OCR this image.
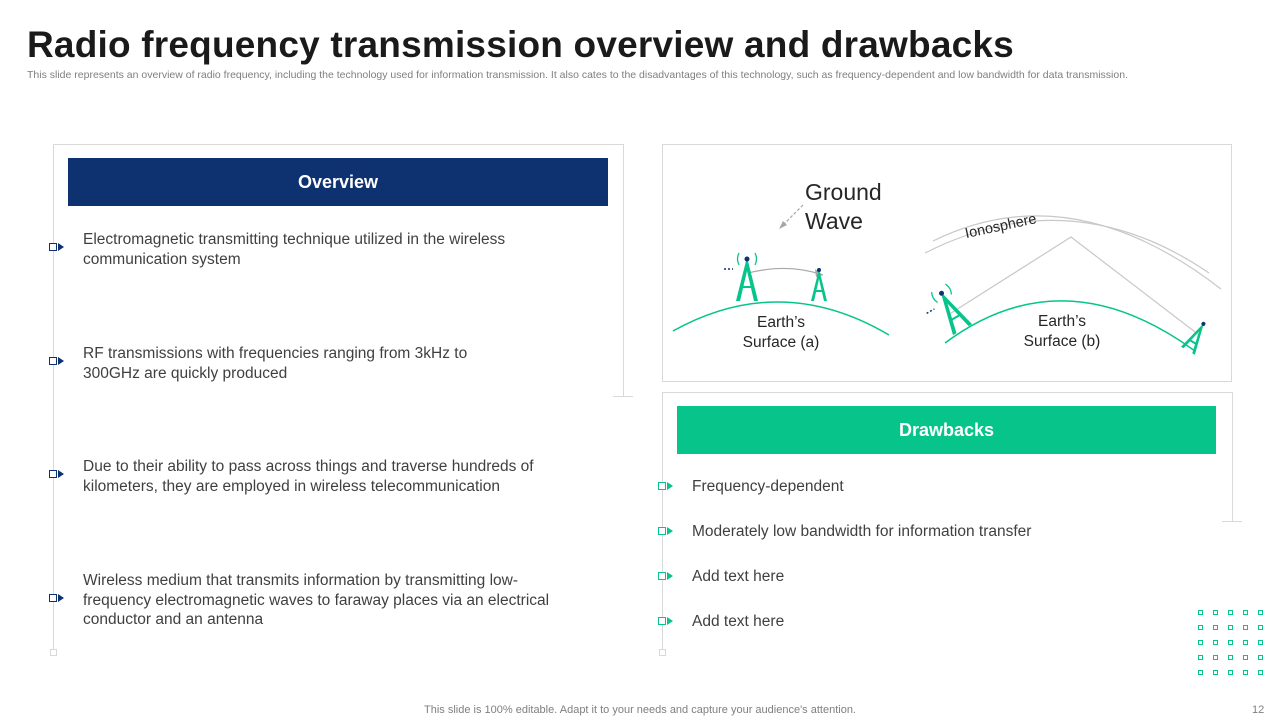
Radio frequency transmission overview and drawbacks

This slide represents an overview of radio frequency, including the technology used for information transmission. It also cates to the disadvantages of this technology, such as frequency-dependent and low bandwidth for data transmission.

Overview
Electromagnetic transmitting technique utilized in the wireless communication system
RF transmissions with frequencies ranging from 3kHz to 300GHz are quickly produced
Due to their ability to pass across things and traverse hundreds of kilometers, they are employed in wireless telecommunication
Wireless medium that transmits information by transmitting low-frequency electromagnetic waves to faraway places via an electrical conductor and an antenna
Ground
Wave	Ionosphere
Earth’s
Surface (a)
Earth’s
Surface (b)
Drawbacks
Frequency-dependent
Moderately low bandwidth for information transfer
Add text here
Add text here

This slide is 100% editable. Adapt it to your needs and capture your audience's attention.	12
